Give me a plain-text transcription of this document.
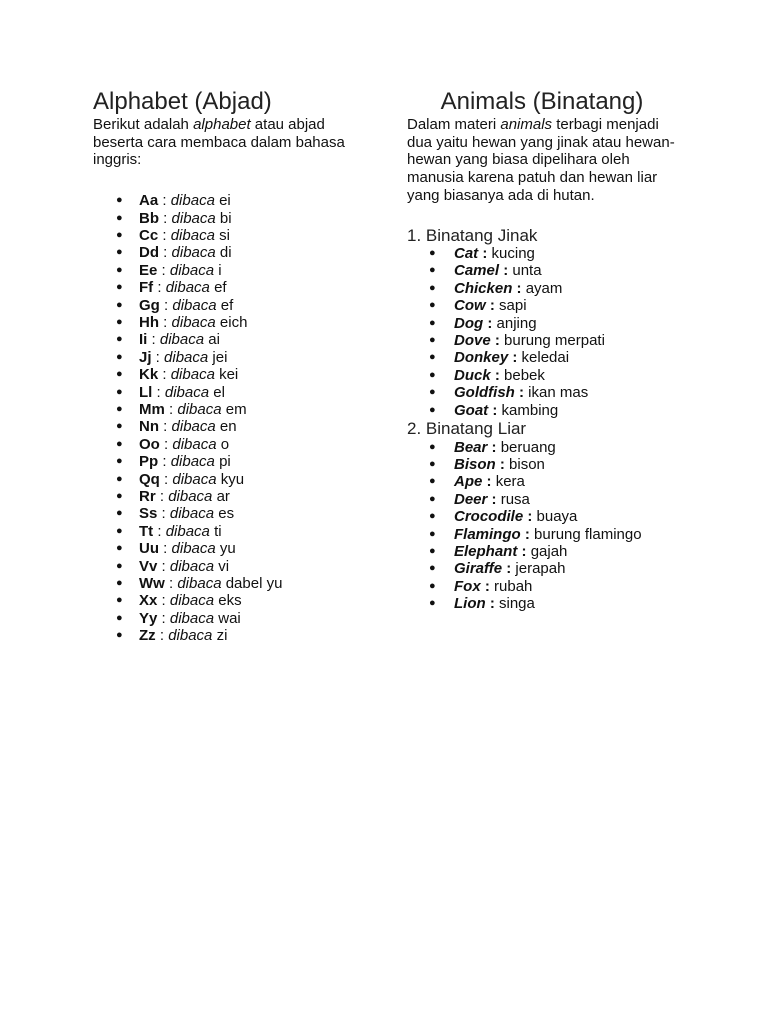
Alphabet (Abjad)

Berikut adalah alphabet atau abjad beserta cara membaca dalam bahasa inggris:

● Aa : dibaca ei
● Bb : dibaca bi
● Cc : dibaca si
● Dd : dibaca di
● Ee : dibaca i
● Ff : dibaca ef
● Gg : dibaca ef
● Hh : dibaca eich
● Ii : dibaca ai
● Jj : dibaca jei
● Kk : dibaca kei
● Ll : dibaca el
● Mm : dibaca em
● Nn : dibaca en
● Oo : dibaca o
● Pp : dibaca pi
● Qq : dibaca kyu
● Rr : dibaca ar
● Ss : dibaca es
● Tt : dibaca ti
● Uu : dibaca yu
● Vv : dibaca vi
● Ww : dibaca dabel yu
● Xx : dibaca eks
● Yy : dibaca wai
● Zz : dibaca zi
Animals (Binatang)

Dalam materi animals terbagi menjadi dua yaitu hewan yang jinak atau hewan-hewan yang biasa dipelihara oleh manusia karena patuh dan hewan liar yang biasanya ada di hutan.

1. Binatang Jinak

● Cat : kucing
● Camel : unta
● Chicken : ayam
● Cow : sapi
● Dog : anjing
● Dove : burung merpati
● Donkey : keledai
● Duck : bebek
● Goldfish : ikan mas
● Goat : kambing

2. Binatang Liar

● Bear : beruang
● Bison : bison
● Ape : kera
● Deer : rusa
● Crocodile : buaya
● Flamingo : burung flamingo
● Elephant : gajah
● Giraffe : jerapah
● Fox : rubah
● Lion : singa
